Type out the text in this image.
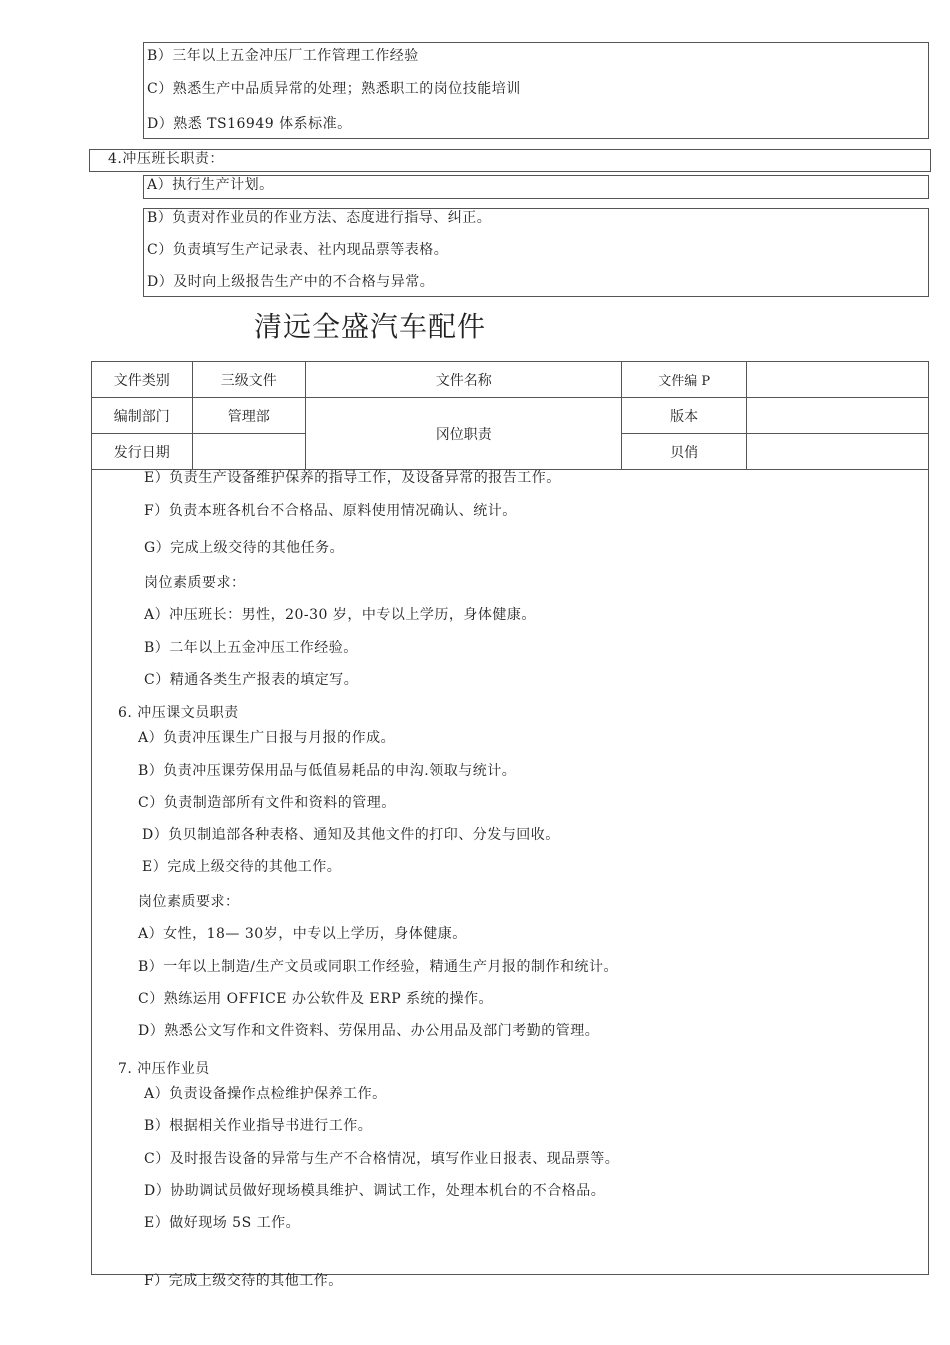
B）三年以上五金冲压厂工作管理工作经验
C）熟悉生产中品质异常的处理；熟悉职工的岗位技能培训
D）熟悉 TS16949 体系标准。
4.冲压班长职责：
A）执行生产计划。
B）负责对作业员的作业方法、态度进行指导、纠正。
C）负责填写生产记录表、社内现品票等表格。
D）及时向上级报告生产中的不合格与异常。
清远全盛汽车配件
文件类别	三级文件	文件名称	文件编 P	
编制部门	管理部	冈位职责	版本	
发行日期			贝俏	
E）负责生产设备维护保养的指导工作，及设备异常的报告工作。
F）负责本班各机台不合格品、原料使用情况确认、统计。
G）完成上级交待的其他任务。
岗位素质要求：
A）冲压班长：男性，20-30 岁，中专以上学历，身体健康。
B）二年以上五金冲压工作经验。
C）精通各类生产报表的填定写。
6. 冲压课文员职责
A）负责冲压课生广日报与月报的作成。
B）负责冲压课劳保用品与低值易耗品的申沟.领取与统计。
C）负责制造部所有文件和资料的管理。
D）负贝制追部各种表格、通知及其他文件的打印、分发与回收。
E）完成上级交待的其他工作。
岗位素质要求：
A）女性，18— 30岁，中专以上学历，身体健康。
B）一年以上制造/生产文员或同职工作经验，精通生产月报的制作和统计。
C）熟练运用 OFFICE 办公软件及 ERP 系统的操作。
D）熟悉公文写作和文件资料、劳保用品、办公用品及部门考勤的管理。
7. 冲压作业员
A）负责设备操作点检维护保养工作。
B）根据相关作业指导书进行工作。
C）及时报告设备的异常与生产不合格情况，填写作业日报表、现品票等。
D）协助调试员做好现场模具维护、调试工作，处理本机台的不合格品。
E）做好现场 5S 工作。
F）完成上级交待的其他工作。
